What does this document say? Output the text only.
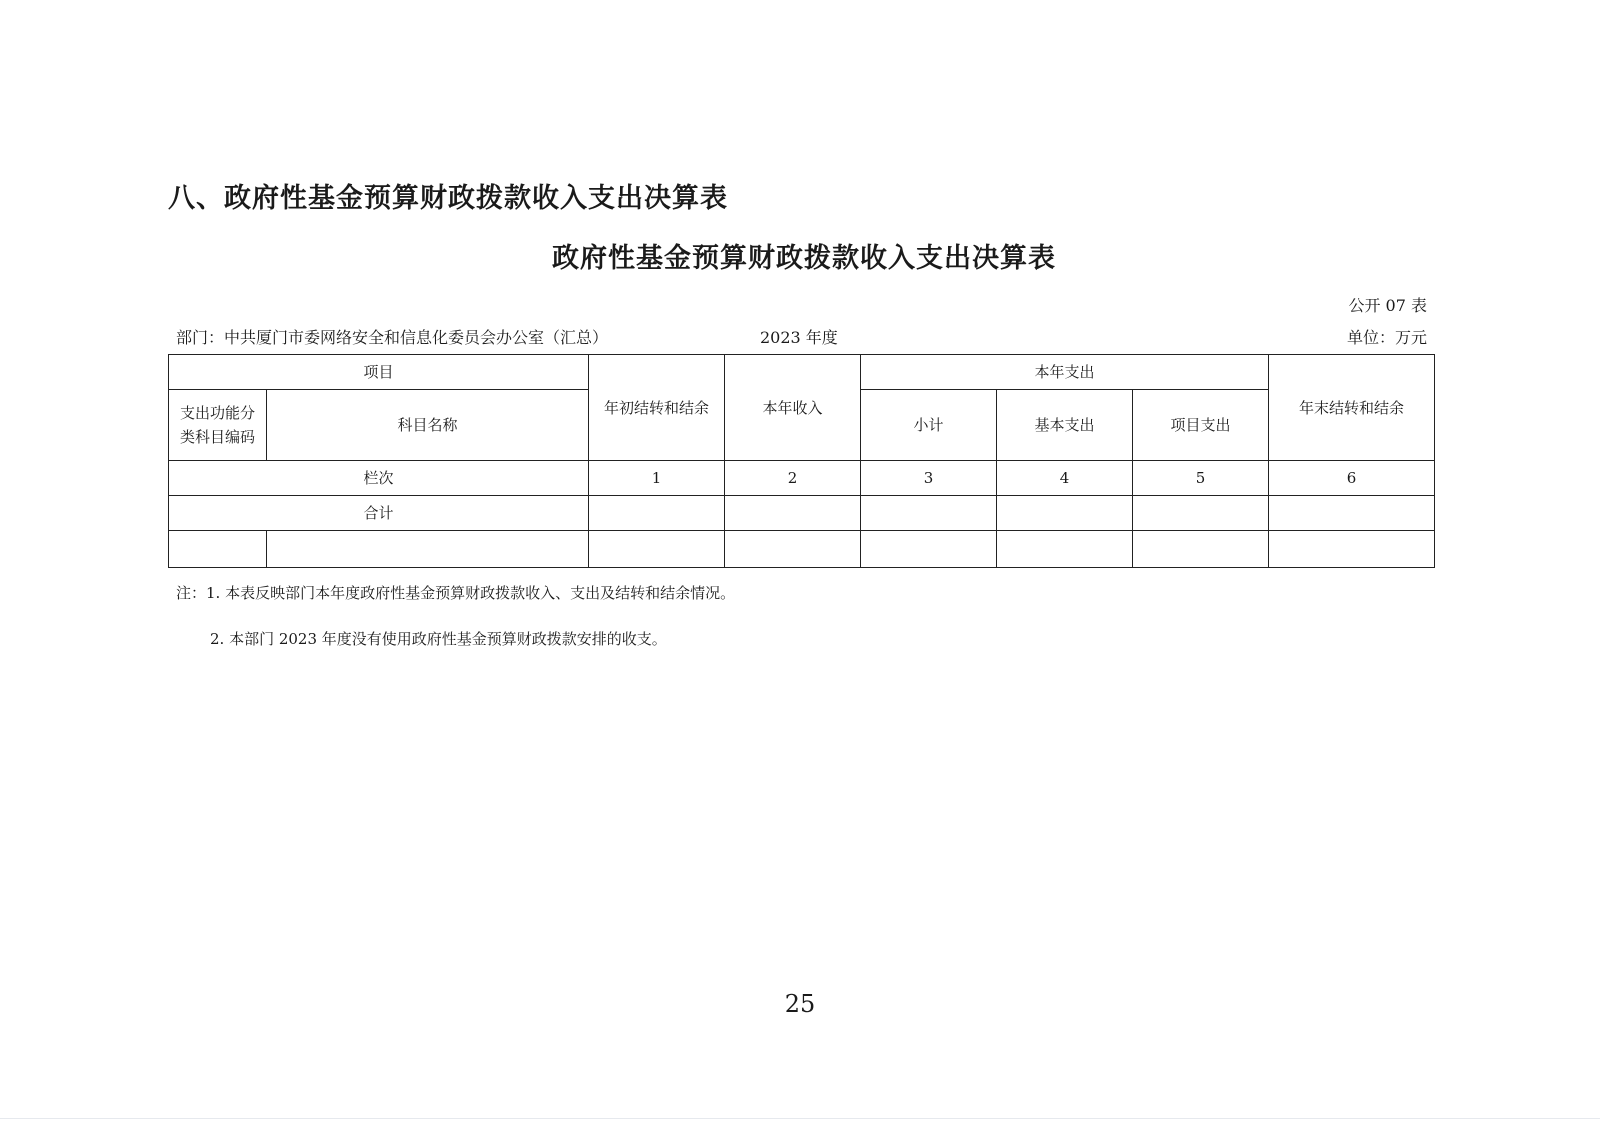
八、政府性基金预算财政拨款收入支出决算表
政府性基金预算财政拨款收入支出决算表
公开 07 表
部门：中共厦门市委网络安全和信息化委员会办公室（汇总）	2023 年度	单位：万元
项目		年初结转和结余	本年收入	本年支出			年末结转和结余
支出功能分类科目编码	科目名称			小计	基本支出	项目支出	
栏次		1	2	3	4	5	6
合计							

注：1. 本表反映部门本年度政府性基金预算财政拨款收入、支出及结转和结余情况。
2. 本部门 2023 年度没有使用政府性基金预算财政拨款安排的收支。
25
